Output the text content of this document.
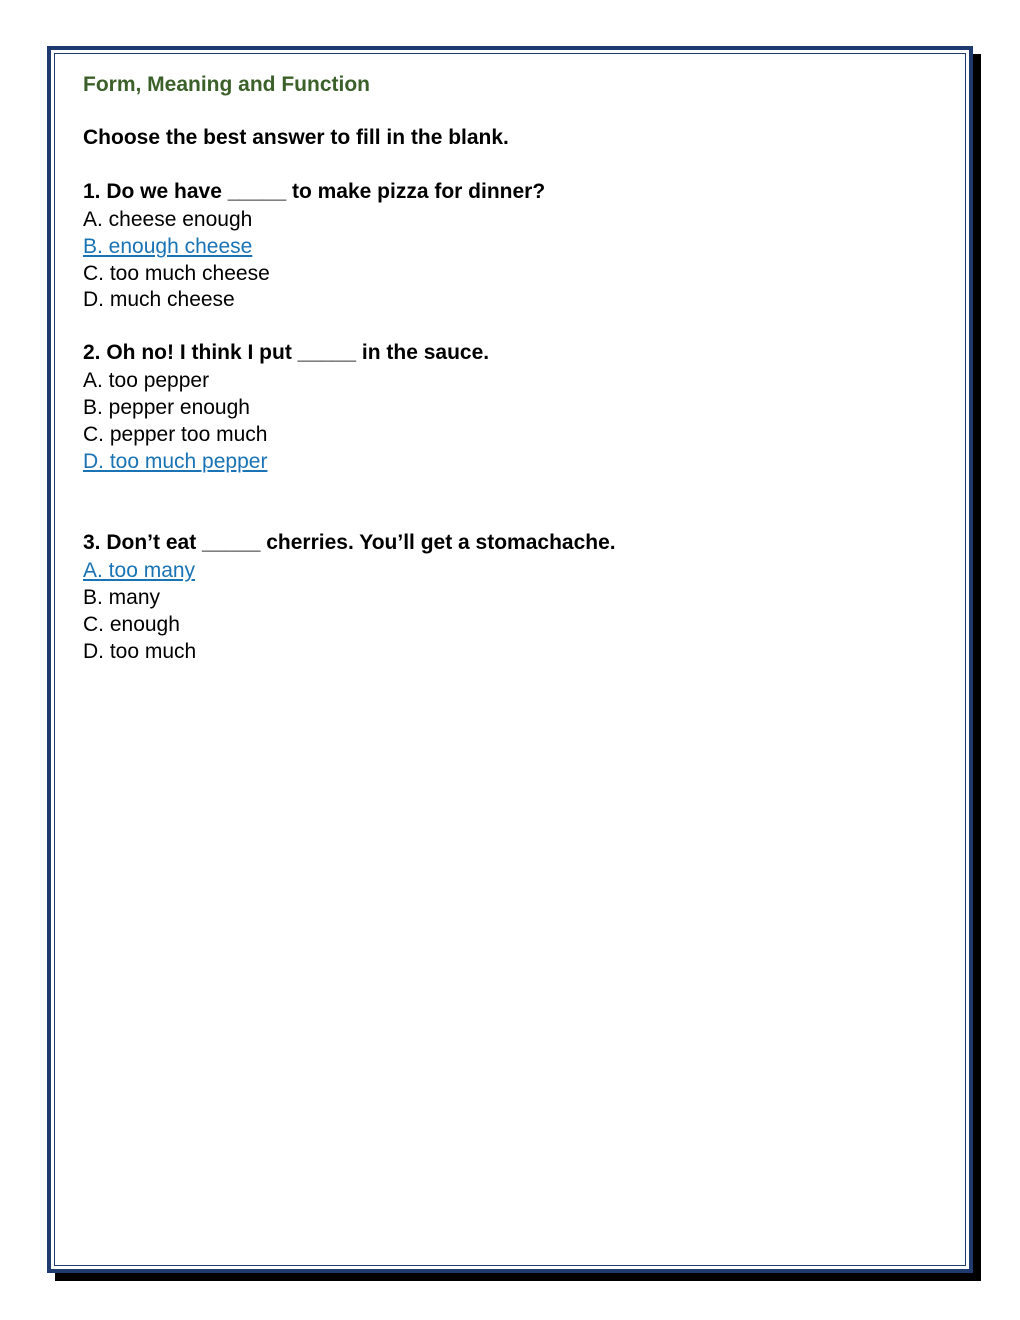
Form, Meaning and Function

Choose the best answer to fill in the blank.

1. Do we have _____ to make pizza for dinner?
A. cheese enough
B. enough cheese
C. too much cheese
D. much cheese
2. Oh no! I think I put _____ in the sauce.
A. too pepper
B. pepper enough
C. pepper too much
D. too much pepper
3. Don’t eat _____ cherries. You’ll get a stomachache.
A. too many
B. many
C. enough
D. too much
